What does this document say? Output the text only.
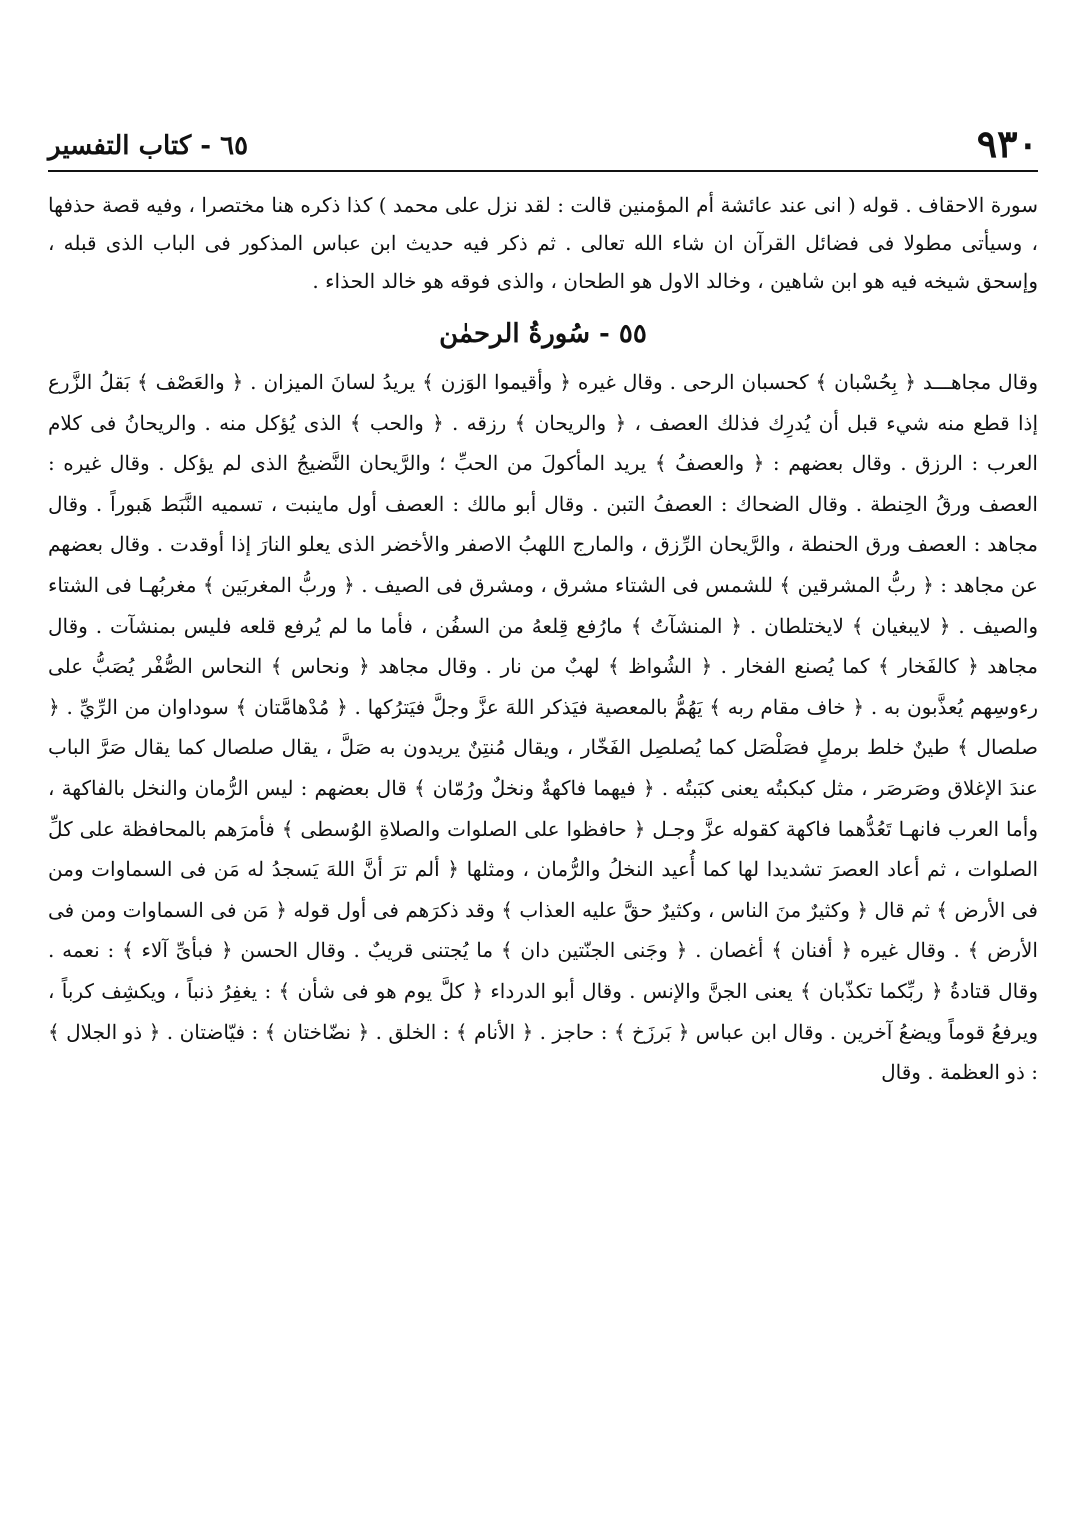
٩٣٠
٦٥ - كتاب التفسير

سورة الاحقاف . قوله ( انى عند عائشة أم المؤمنين قالت : لقد نزل على محمد ) كذا ذكره هنا مختصرا ، وفيه قصة حذفها ، وسيأتى مطولا فى فضائل القرآن ان شاء الله تعالى . ثم ذكر فيه حديث ابن عباس المذكور فى الباب الذى قبله ، وإسحق شيخه فيه هو ابن شاهين ، وخالد الاول هو الطحان ، والذى فوقه هو خالد الحذاء .

٥٥ - سُورةُ الرحمٰن

وقال مجاهـــد ﴿ بِحُسْبان ﴾ كحسبان الرحى . وقال غيره ﴿ وأقيموا الوَزن ﴾ يريدُ لسانَ الميزان . ﴿ والعَصْف ﴾ بَقلُ الزَّرع إذا قطع منه شيء قبل أن يُدرِك فذلك العصف ، ﴿ والريحان ﴾ رزقه . ﴿ والحب ﴾ الذى يُؤكل منه . والريحانُ فى كلام العرب : الرزق . وقال بعضهم : ﴿ والعصفُ ﴾ يريد المأكولَ من الحبِّ ؛ والرَّيحان النَّضيجُ الذى لم يؤكل . وقال غيره : العصف ورقُ الحِنطة . وقال الضحاك : العصفُ التبن . وقال أبو مالك : العصف أول ماينبت ، تسميه النَّبَط هَبوراً . وقال مجاهد : العصف ورق الحنطة ، والرَّيحان الرِّزق ، والمارج اللهبُ الاصفر والأخضر الذى يعلو النارَ إذا أوقدت . وقال بعضهم عن مجاهد : ﴿ ربُّ المشرقين ﴾ للشمس فى الشتاء مشرق ، ومشرق فى الصيف . ﴿ وربُّ المغربَين ﴾ مغربُهـا فى الشتاء والصيف . ﴿ لايبغيان ﴾ لايختلطان . ﴿ المنشآتُ ﴾ مارُفع قِلعهُ من السفُن ، فأما ما لم يُرفع قلعه فليس بمنشآت . وقال مجاهد ﴿ كالفَخار ﴾ كما يُصنع الفخار . ﴿ الشُواظ ﴾ لهبٌ من نار . وقال مجاهد ﴿ ونحاس ﴾ النحاس الصُّفْر يُصَبُّ على رءوسِهم يُعذَّبون به . ﴿ خاف مقام ربه ﴾ يَهُمُّ بالمعصية فيَذكر اللهَ عزَّ وجلَّ فيَترُكها . ﴿ مُدْهامَّتان ﴾ سوداوان من الرِّيِّ . ﴿ صلصال ﴾ طينٌ خلط برملٍ فصَلْصَل كما يُصلصِل الفَخّار ، ويقال مُنتِنٌ يريدون به صَلَّ ، يقال صلصال كما يقال صَرَّ الباب عندَ الإغلاق وصَرصَر ، مثل كبكبتُه يعنى كبَبتُه . ﴿ فيهما فاكهةٌ ونخلٌ ورُمّان ﴾ قال بعضهم : ليس الرُّمان والنخل بالفاكهة ، وأما العرب فانهـا تَعُدُّهما فاكهة كقوله عزَّ وجـل ﴿ حافظوا على الصلوات والصلاةِ الوُسطى ﴾ فأمرَهم بالمحافظة على كلِّ الصلوات ، ثم أعاد العصرَ تشديدا لها كما أُعيد النخلُ والرُّمان ، ومثلها ﴿ ألم ترَ أنَّ اللهَ يَسجدُ له مَن فى السماوات ومن فى الأرض ﴾ ثم قال ﴿ وكثيرٌ منَ الناس ، وكثيرٌ حقَّ عليه العذاب ﴾ وقد ذكرَهم فى أول قوله ﴿ مَن فى السماوات ومن فى الأرض ﴾ . وقال غيره ﴿ أفنان ﴾ أغصان . ﴿ وجَنى الجنّتين دان ﴾ ما يُجتنى قريبٌ . وقال الحسن ﴿ فبأىِّ آلاء ﴾ : نعمه . وقال قتادةُ ﴿ ربِّكما تكذّبان ﴾ يعنى الجنَّ والإنس . وقال أبو الدرداء ﴿ كلَّ يوم هو فى شأن ﴾ : يغفِرُ ذنباً ، ويكشِف كرباً ، ويرفعُ قوماً ويضعُ آخرين . وقال ابن عباس ﴿ بَرزَخ ﴾ : حاجز . ﴿ الأنام ﴾ : الخلق . ﴿ نضّاختان ﴾ : فيّاضتان . ﴿ ذو الجلال ﴾ : ذو العظمة . وقال
